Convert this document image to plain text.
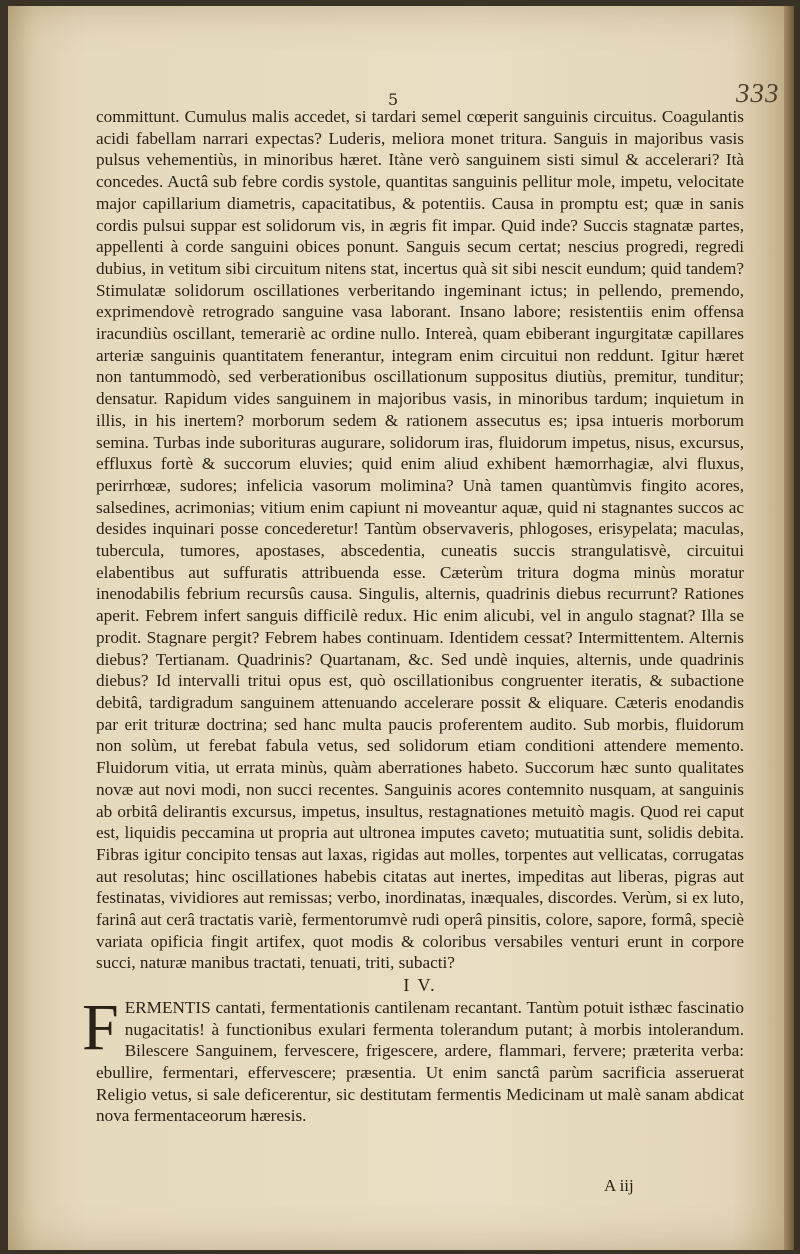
333
5

committunt. Cumulus malis accedet, si tardari semel cœperit sanguinis circuitus. Coagulantis acidi fabellam narrari expectas? Luderis, meliora monet tritura. Sanguis in majoribus vasis pulsus vehementiùs, in minoribus hæret. Itàne verò sanguinem sisti simul & accelerari? Ità concedes. Auctâ sub febre cordis systole, quantitas sanguinis pellitur mole, impetu, velocitate major capillarium diametris, capacitatibus, & potentiis. Causa in promptu est; quæ in sanis cordis pulsui suppar est solidorum vis, in ægris fit impar. Quid inde? Succis stagnatæ partes, appellenti à corde sanguini obices ponunt. Sanguis secum certat; nescius progredi, regredi dubius, in vetitum sibi circuitum nitens stat, incertus quà sit sibi nescit eundum; quid tandem? Stimulatæ solidorum oscillationes verberitando ingeminant ictus; in pellendo, premendo, exprimendovè retrogrado sanguine vasa laborant. Insano labore; resistentiis enim offensa iracundiùs oscillant, temerariè ac ordine nullo. Intereà, quam ebiberant ingurgitatæ capillares arteriæ sanguinis quantitatem fenerantur, integram enim circuitui non reddunt. Igitur hæret non tantummodò, sed verberationibus oscillationum suppositus diutiùs, premitur, tunditur; densatur. Rapidum vides sanguinem in majoribus vasis, in minoribus tardum; inquietum in illis, in his inertem? morborum sedem & rationem assecutus es; ipsa intueris morborum semina. Turbas inde suborituras augurare, solidorum iras, fluidorum impetus, nisus, excursus, effluxus fortè & succorum eluvies; quid enim aliud exhibent hæmorrhagiæ, alvi fluxus, perirrhœæ, sudores; infelicia vasorum molimina? Unà tamen quantùmvis fingito acores, salsedines, acrimonias; vitium enim capiunt ni moveantur aquæ, quid ni stagnantes succos ac desides inquinari posse concederetur! Tantùm observaveris, phlogoses, erisypelata; maculas, tubercula, tumores, apostases, abscedentia, cuneatis succis strangulatisvè, circuitui elabentibus aut suffuratis attribuenda esse. Cæterùm tritura dogma minùs moratur inenodabilis febrium recursûs causa. Singulis, alternis, quadrinis diebus recurrunt? Rationes aperit. Febrem infert sanguis difficilè redux. Hic enim alicubi, vel in angulo stagnat? Illa se prodit. Stagnare pergit? Febrem habes continuam. Identidem cessat? Intermittentem. Alternis diebus? Tertianam. Quadrinis? Quartanam, &c. Sed undè inquies, alternis, unde quadrinis diebus? Id intervalli tritui opus est, quò oscillationibus congruenter iteratis, & subactione debitâ, tardigradum sanguinem attenuando accelerare possit & eliquare. Cæteris enodandis par erit trituræ doctrina; sed hanc multa paucis proferentem audito. Sub morbis, fluidorum non solùm, ut ferebat fabula vetus, sed solidorum etiam conditioni attendere memento. Fluidorum vitia, ut errata minùs, quàm aberrationes habeto. Succorum hæc sunto qualitates novæ aut novi modi, non succi recentes. Sanguinis acores contemnito nusquam, at sanguinis ab orbitâ delirantis excursus, impetus, insultus, restagnationes metuitò magis. Quod rei caput est, liquidis peccamina ut propria aut ultronea imputes caveto; mutuatitia sunt, solidis debita. Fibras igitur concipito tensas aut laxas, rigidas aut molles, torpentes aut vellicatas, corrugatas aut resolutas; hinc oscillationes habebis citatas aut inertes, impeditas aut liberas, pigras aut festinatas, vividiores aut remissas; verbo, inordinatas, inæquales, discordes. Verùm, si ex luto, farinâ aut cerâ tractatis variè, fermentorumvè rudi operâ pinsitis, colore, sapore, formâ, speciè variata opificia fingit artifex, quot modis & coloribus versabiles venturi erunt in corpore succi, naturæ manibus tractati, tenuati, triti, subacti?

I V.

F ERMENTIS cantati, fermentationis cantilenam recantant. Tantùm potuit isthæc fascinatio nugacitatis! à functionibus exulari fermenta tolerandum putant; à morbis intolerandum. Bilescere Sanguinem, fervescere, frigescere, ardere, flammari, fervere; præterita verba: ebullire, fermentari, effervescere; præsentia. Ut enim sanctâ parùm sacrificia asseruerat Religio vetus, si sale deficerentur, sic destitutam fermentis Medicinam ut malè sanam abdicat nova fermentaceorum hæresis.

A iij
